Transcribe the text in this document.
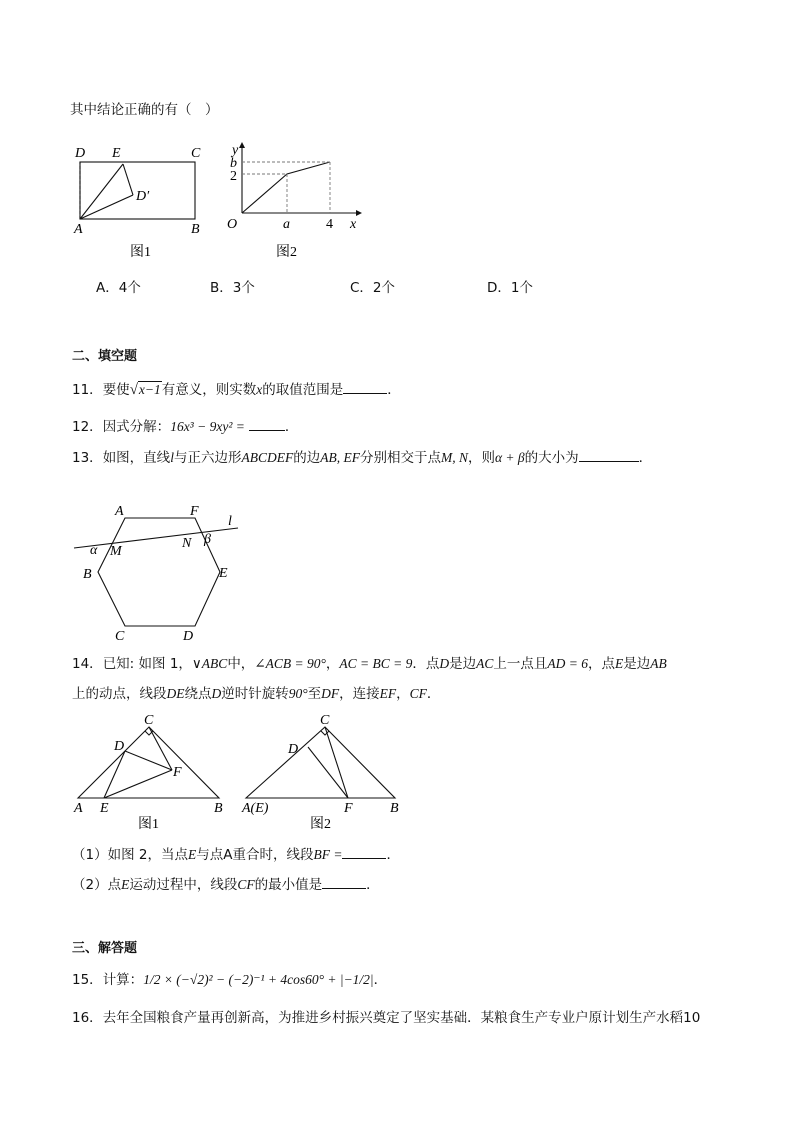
其中结论正确的有（　）
D E	C
D′
A	B
图1
y
b
2
O	a	4 x
图2
A．4个	B．3个	C．2个	D．1个
二、填空题
11．要使√x−1有意义，则实数x的取值范围是	．
12．因式分解：16x³ − 9xy² =	．
13．如图，直线l与正六边形ABCDEF的边AB, EF分别相交于点M, N，则α + β的大小为	．
A	F
l
α M
N β
B	E
C	D
14．已知: 如图 1，∨ABC中，∠ACB = 90°，AC = BC = 9．点D是边AC上一点且AD = 6，点E是边AB
上的动点，线段DE绕点D逆时针旋转90°至DF，连接EF，CF．
C
D
F
A E	B
图1
C
D
A(E)	F	B
图2
（1）如图 2，当点E与点A重合时，线段BF =	．
（2）点E运动过程中，线段CF的最小值是	．
三、解答题
15．计算：1/2 × (−√2)² − (−2)⁻¹ + 4cos60° + |−1/2|．
16．去年全国粮食产量再创新高，为推进乡村振兴奠定了坚实基础．某粮食生产专业户原计划生产水稻10
